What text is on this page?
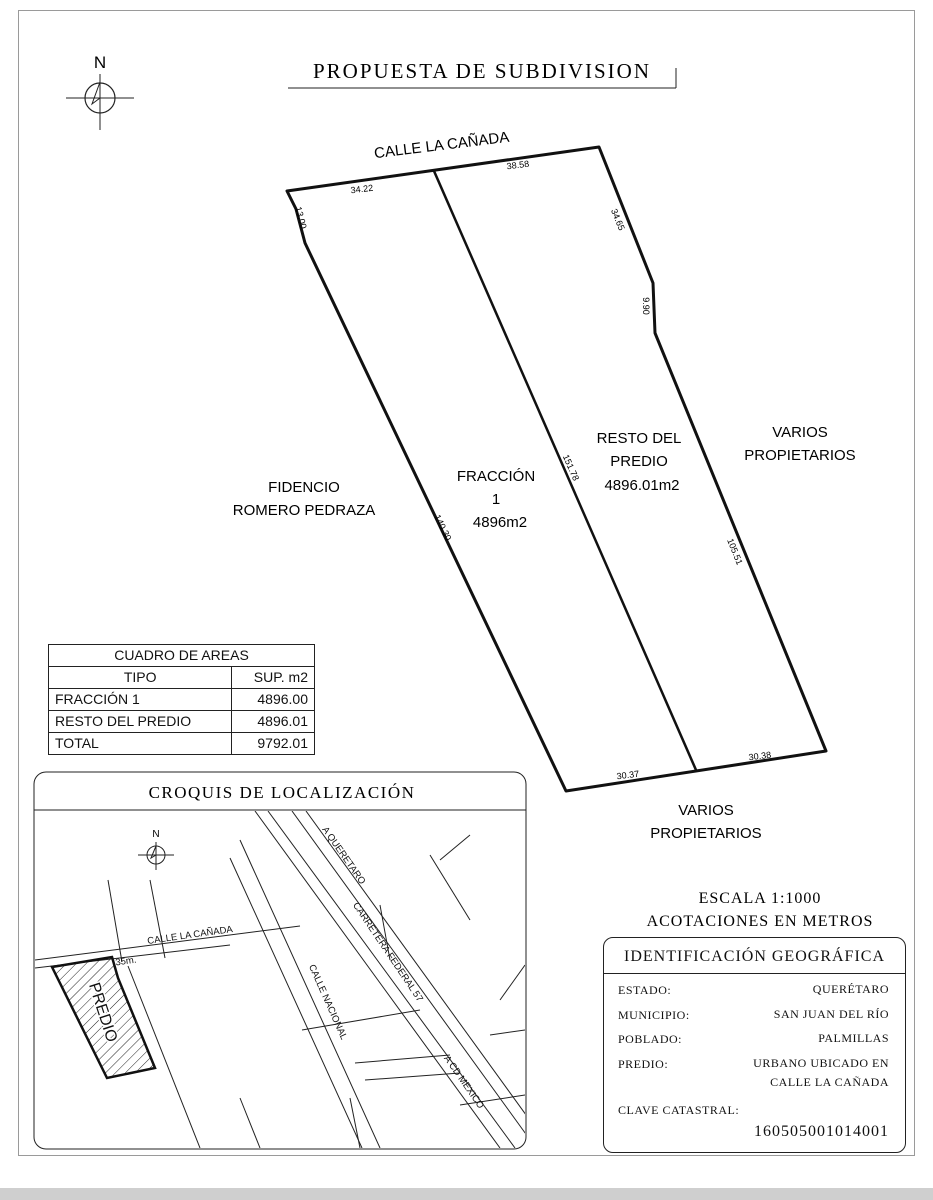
PROPUESTA DE SUBDIVISION
N
CALLE LA CAÑADA
34.22
38.58
13.00	34.65
9.90
151.78
140.30
105.51
30.37
30.38
FRACCIÓN
1
4896m2
RESTO DEL
PREDIO
4896.01m2
FIDENCIO
ROMERO PEDRAZA
VARIOS
PROPIETARIOS
VARIOS
PROPIETARIOS
ESCALA 1:1000
ACOTACIONES EN METROS
CROQUIS DE LOCALIZACIÓN
N
CALLE LA CAÑADA
35m.
A QUERETARO
CARRETERA FEDERAL 57
CALLE NACIONAL
A CD MEXICO
PREDIO
CUADRO DE AREAS	
TIPO	SUP. m2
FRACCIÓN 1	4896.00
RESTO DEL PREDIO	4896.01
TOTAL	9792.01
IDENTIFICACIÓN GEOGRÁFICA
ESTADO:	QUERÉTARO
MUNICIPIO:	SAN JUAN DEL RÍO
POBLADO:	PALMILLAS
PREDIO:	URBANO UBICADO EN
CALLE LA CAÑADA
CLAVE CATASTRAL:
160505001014001
